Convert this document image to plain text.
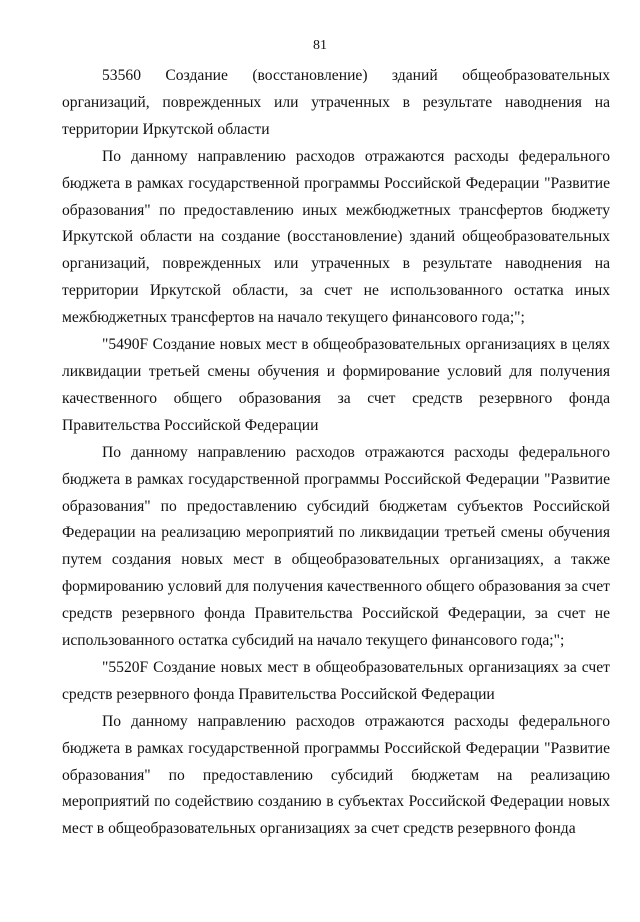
81

53560 Создание (восстановление) зданий общеобразовательных организаций, поврежденных или утраченных в результате наводнения на территории Иркутской области

По данному направлению расходов отражаются расходы федерального бюджета в рамках государственной программы Российской Федерации "Развитие образования" по предоставлению иных межбюджетных трансфертов бюджету Иркутской области на создание (восстановление) зданий общеобразовательных организаций, поврежденных или утраченных в результате наводнения на территории Иркутской области, за счет не использованного остатка иных межбюджетных трансфертов на начало текущего финансового года;";

"5490F Создание новых мест в общеобразовательных организациях в целях ликвидации третьей смены обучения и формирование условий для получения качественного общего образования за счет средств резервного фонда Правительства Российской Федерации

По данному направлению расходов отражаются расходы федерального бюджета в рамках государственной программы Российской Федерации "Развитие образования" по предоставлению субсидий бюджетам субъектов Российской Федерации на реализацию мероприятий по ликвидации третьей смены обучения путем создания новых мест в общеобразовательных организациях, а также формированию условий для получения качественного общего образования за счет средств резервного фонда Правительства Российской Федерации, за счет не использованного остатка субсидий на начало текущего финансового года;";

"5520F Создание новых мест в общеобразовательных организациях за счет средств резервного фонда Правительства Российской Федерации

По данному направлению расходов отражаются расходы федерального бюджета в рамках государственной программы Российской Федерации "Развитие образования" по предоставлению субсидий бюджетам на реализацию мероприятий по содействию созданию в субъектах Российской Федерации новых мест в общеобразовательных организациях за счет средств резервного фонда
